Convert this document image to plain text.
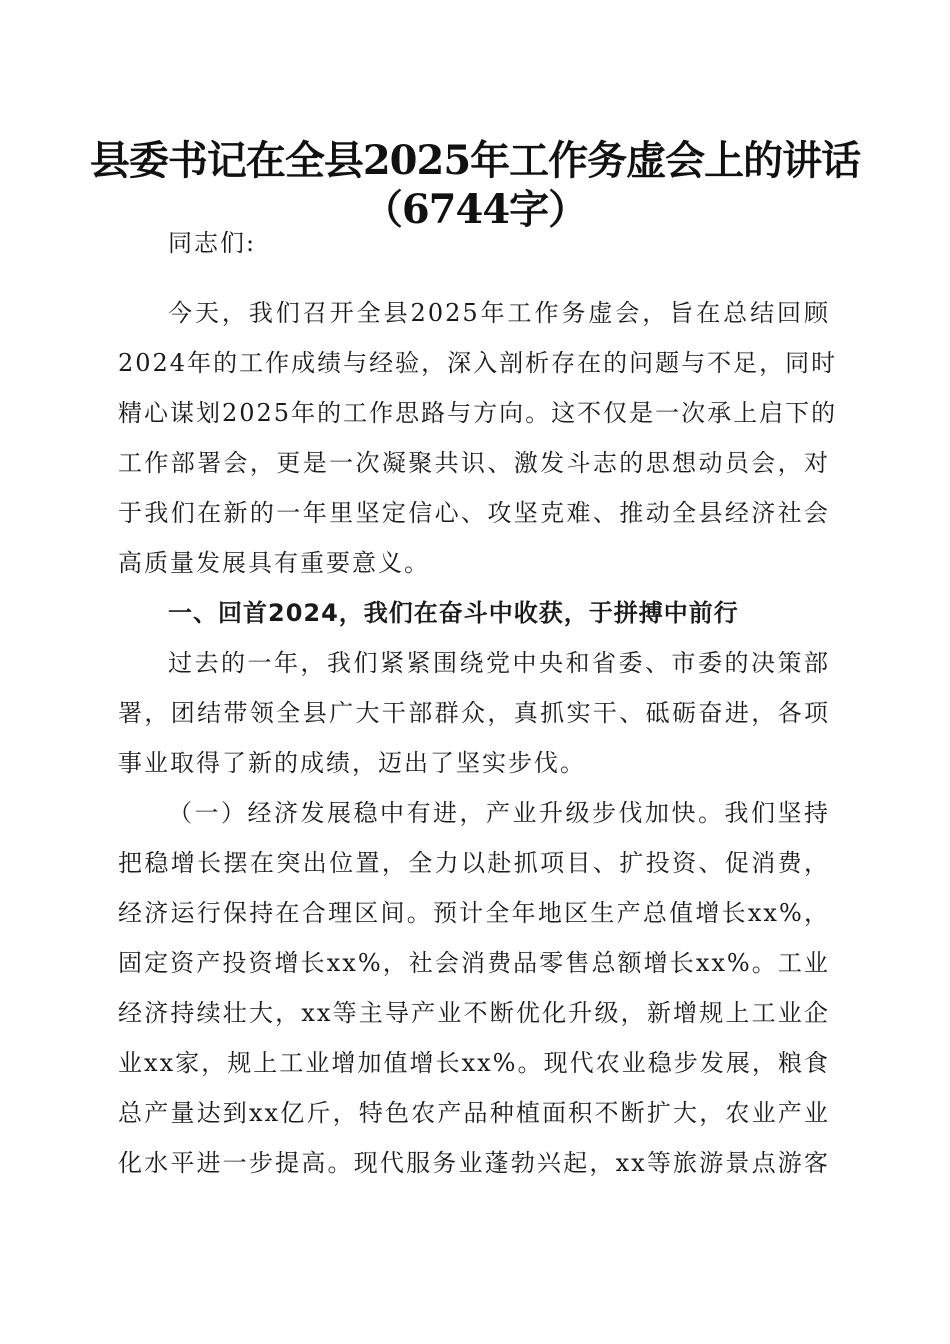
县委书记在全县2025年工作务虚会上的讲话
（6744字）
同志们:
今天，我们召开全县2025年工作务虚会，旨在总结回顾
2024年的工作成绩与经验，深入剖析存在的问题与不足，同时
精心谋划2025年的工作思路与方向。这不仅是一次承上启下的
工作部署会，更是一次凝聚共识、激发斗志的思想动员会，对
于我们在新的一年里坚定信心、攻坚克难、推动全县经济社会
高质量发展具有重要意义。
一、回首2024，我们在奋斗中收获，于拼搏中前行
过去的一年，我们紧紧围绕党中央和省委、市委的决策部
署，团结带领全县广大干部群众，真抓实干、砥砺奋进，各项
事业取得了新的成绩，迈出了坚实步伐。
（一）经济发展稳中有进，产业升级步伐加快。我们坚持
把稳增长摆在突出位置，全力以赴抓项目、扩投资、促消费，
经济运行保持在合理区间。预计全年地区生产总值增长xx%，
固定资产投资增长xx%，社会消费品零售总额增长xx%。工业
经济持续壮大，xx等主导产业不断优化升级，新增规上工业企
业xx家，规上工业增加值增长xx%。现代农业稳步发展，粮食
总产量达到xx亿斤，特色农产品种植面积不断扩大，农业产业
化水平进一步提高。现代服务业蓬勃兴起，xx等旅游景点游客
